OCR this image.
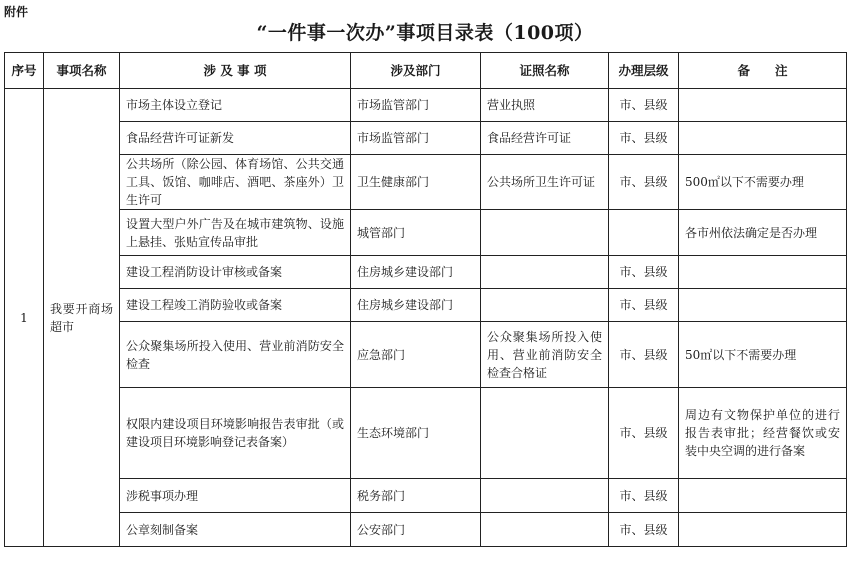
附件
“一件事一次办”事项目录表（100项）
序号	事项名称	涉 及 事 项	涉及部门	证照名称	办理层级	备　　注
1	我要开商场超市	市场主体设立登记	市场监管部门	营业执照	市、县级	
		食品经营许可证新发	市场监管部门	食品经营许可证	市、县级	
		公共场所（除公园、体育场馆、公共交通工具、饭馆、咖啡店、酒吧、茶座外）卫生许可	卫生健康部门	公共场所卫生许可证	市、县级	500㎡以下不需要办理
		设置大型户外广告及在城市建筑物、设施上悬挂、张贴宣传品审批	城管部门			各市州依法确定是否办理
		建设工程消防设计审核或备案	住房城乡建设部门		市、县级	
		建设工程竣工消防验收或备案	住房城乡建设部门		市、县级	
		公众聚集场所投入使用、营业前消防安全检查	应急部门	公众聚集场所投入使用、营业前消防安全检查合格证	市、县级	50㎡以下不需要办理
		权限内建设项目环境影响报告表审批（或建设项目环境影响登记表备案）	生态环境部门		市、县级	周边有文物保护单位的进行报告表审批；经营餐饮或安装中央空调的进行备案
		涉税事项办理	税务部门		市、县级	
		公章刻制备案	公安部门		市、县级	
